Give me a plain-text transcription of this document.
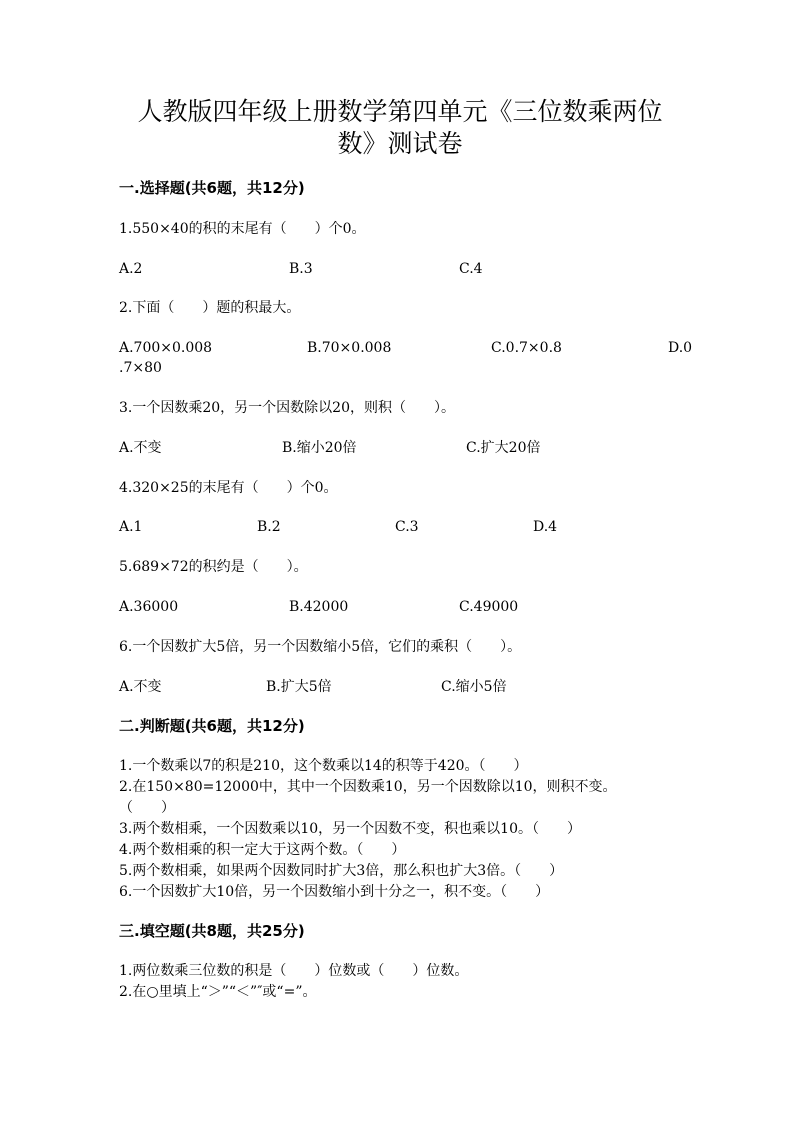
人教版四年级上册数学第四单元《三位数乘两位
数》测试卷
一.选择题(共6题，共12分)
1.550×40的积的末尾有（　　）个0。
A.2	B.3	C.4
2.下面（　　）题的积最大。
A.700×0.008	B.70×0.008	C.0.7×0.8	D.0
.7×80
3.一个因数乘20，另一个因数除以20，则积（　　）。
A.不变	B.缩小20倍	C.扩大20倍
4.320×25的末尾有（　　）个0。
A.1	B.2	C.3	D.4
5.689×72的积约是（　　）。
A.36000	B.42000	C.49000
6.一个因数扩大5倍，另一个因数缩小5倍，它们的乘积（　　）。
A.不变	B.扩大5倍	C.缩小5倍
二.判断题(共6题，共12分)
1.一个数乘以7的积是210，这个数乘以14的积等于420。（　　）
2.在150×80=12000中，其中一个因数乘10，另一个因数除以10，则积不变。
（　　）
3.两个数相乘，一个因数乘以10，另一个因数不变，积也乘以10。（　　）
4.两个数相乘的积一定大于这两个数。（　　）
5.两个数相乘，如果两个因数同时扩大3倍，那么积也扩大3倍。（　　）
6.一个因数扩大10倍，另一个因数缩小到十分之一，积不变。（　　）
三.填空题(共8题，共25分)
1.两位数乘三位数的积是（　　）位数或（　　）位数。
2.在○里填上“＞”“＜”″或“=”。
